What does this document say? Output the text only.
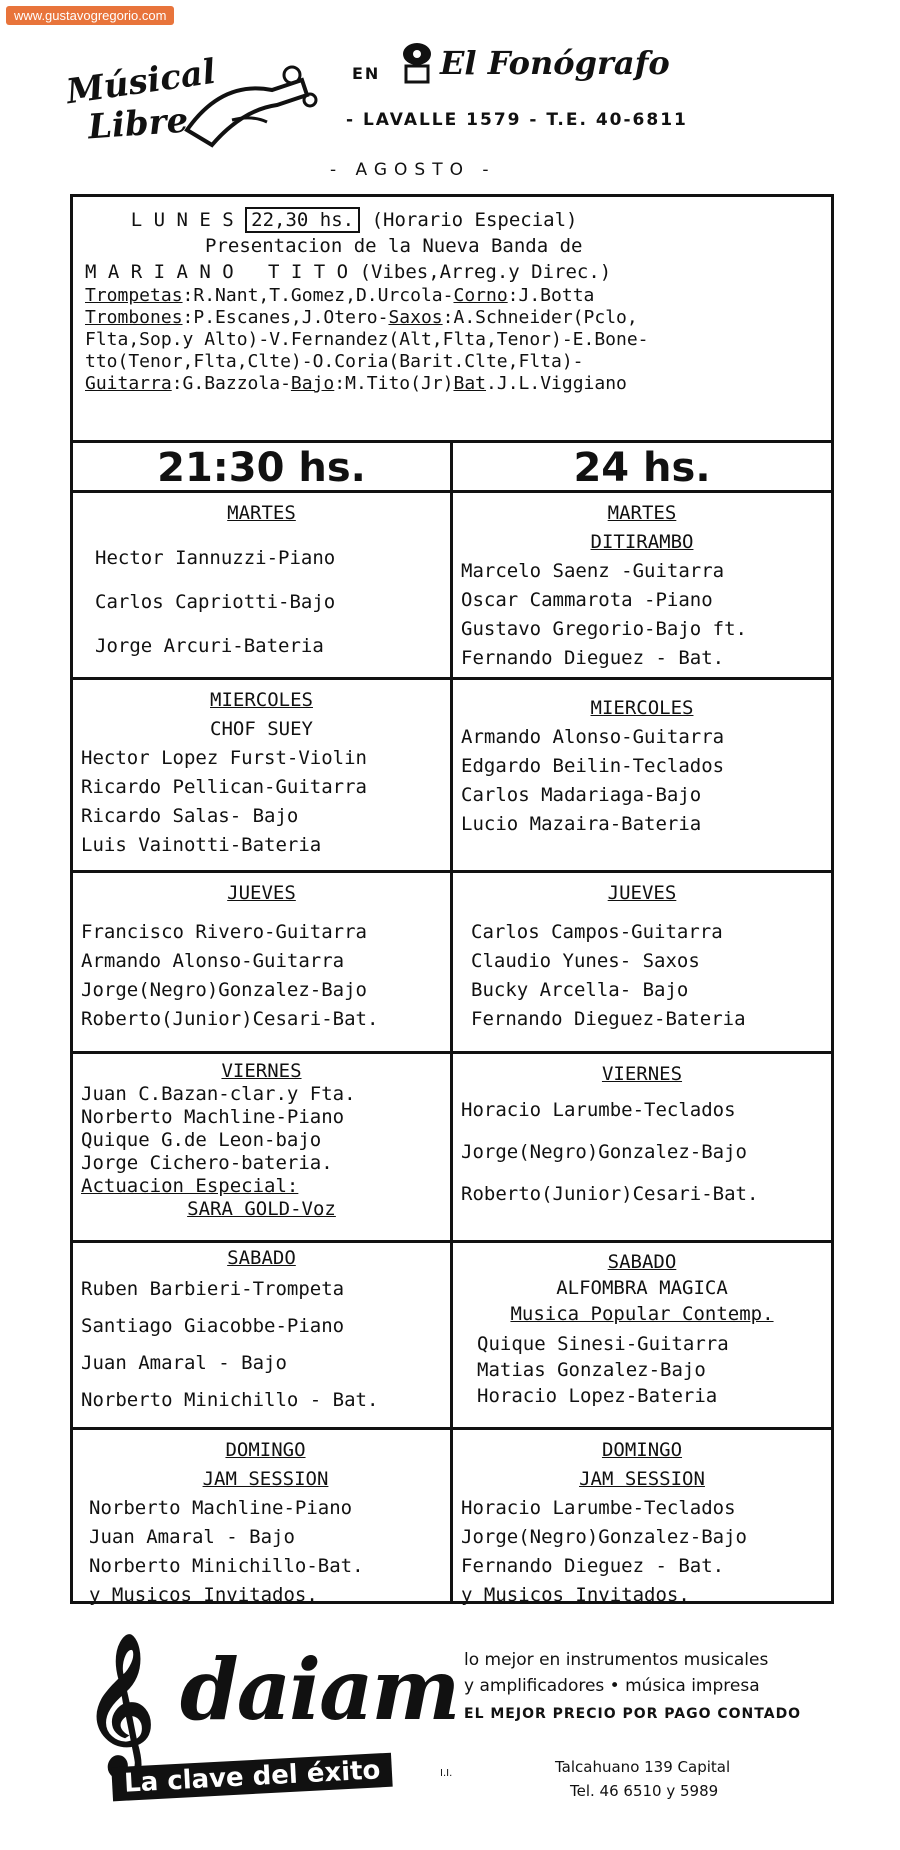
www.gustavogregorio.com
Músical
Libre
EN El Fonógrafo
- LAVALLE 1579 - T.E. 40-6811
- AGOSTO -
L U N E S 22,30 hs. (Horario Especial)
Presentacion de la Nueva Banda de
M A R I A N O   T I T O (Vibes,Arreg.y Direc.)
Trompetas:R.Nant,T.Gomez,D.Urcola-Corno:J.Botta
Trombones:P.Escanes,J.Otero-Saxos:A.Schneider(Pclo,
Flta,Sop.y Alto)-V.Fernandez(Alt,Flta,Tenor)-E.Bone-
tto(Tenor,Flta,Clte)-O.Coria(Barit.Clte,Flta)-
Guitarra:G.Bazzola-Bajo:M.Tito(Jr)Bat.J.L.Viggiano
21:30 hs.	24 hs.
MARTES
Hector Iannuzzi-Piano
Carlos Capriotti-Bajo
Jorge Arcuri-Bateria
MARTES
DITIRAMBO
Marcelo Saenz -Guitarra
Oscar Cammarota -Piano
Gustavo Gregorio-Bajo ft.
Fernando Dieguez - Bat.
MIERCOLES
CHOF SUEY
Hector Lopez Furst-Violin
Ricardo Pellican-Guitarra
Ricardo Salas- Bajo
Luis Vainotti-Bateria
MIERCOLES
Armando Alonso-Guitarra
Edgardo Beilin-Teclados
Carlos Madariaga-Bajo
Lucio Mazaira-Bateria
JUEVES
Francisco Rivero-Guitarra
Armando Alonso-Guitarra
Jorge(Negro)Gonzalez-Bajo
Roberto(Junior)Cesari-Bat.
JUEVES
Carlos Campos-Guitarra
Claudio Yunes- Saxos
Bucky Arcella- Bajo
Fernando Dieguez-Bateria
VIERNES
Juan C.Bazan-clar.y Fta.
Norberto Machline-Piano
Quique G.de Leon-bajo
Jorge Cichero-bateria.
Actuacion Especial:
SARA GOLD-Voz
VIERNES
Horacio Larumbe-Teclados
Jorge(Negro)Gonzalez-Bajo
Roberto(Junior)Cesari-Bat.
SABADO
Ruben Barbieri-Trompeta
Santiago Giacobbe-Piano
Juan Amaral - Bajo
Norberto Minichillo - Bat.
SABADO
ALFOMBRA MAGICA
Musica Popular Contemp.
Quique Sinesi-Guitarra
Matias Gonzalez-Bajo
Horacio Lopez-Bateria
DOMINGO
JAM SESSION
Norberto Machline-Piano
Juan Amaral - Bajo
Norberto Minichillo-Bat.
y Musicos Invitados.
DOMINGO
JAM SESSION
Horacio Larumbe-Teclados
Jorge(Negro)Gonzalez-Bajo
Fernando Dieguez - Bat.
y Musicos Invitados.
𝄞 daiam
La clave del éxito	I.I.
lo mejor en instrumentos musicales
y amplificadores • música impresa
EL MEJOR PRECIO POR PAGO CONTADO
Talcahuano 139 Capital
Tel. 46 6510 y 5989
